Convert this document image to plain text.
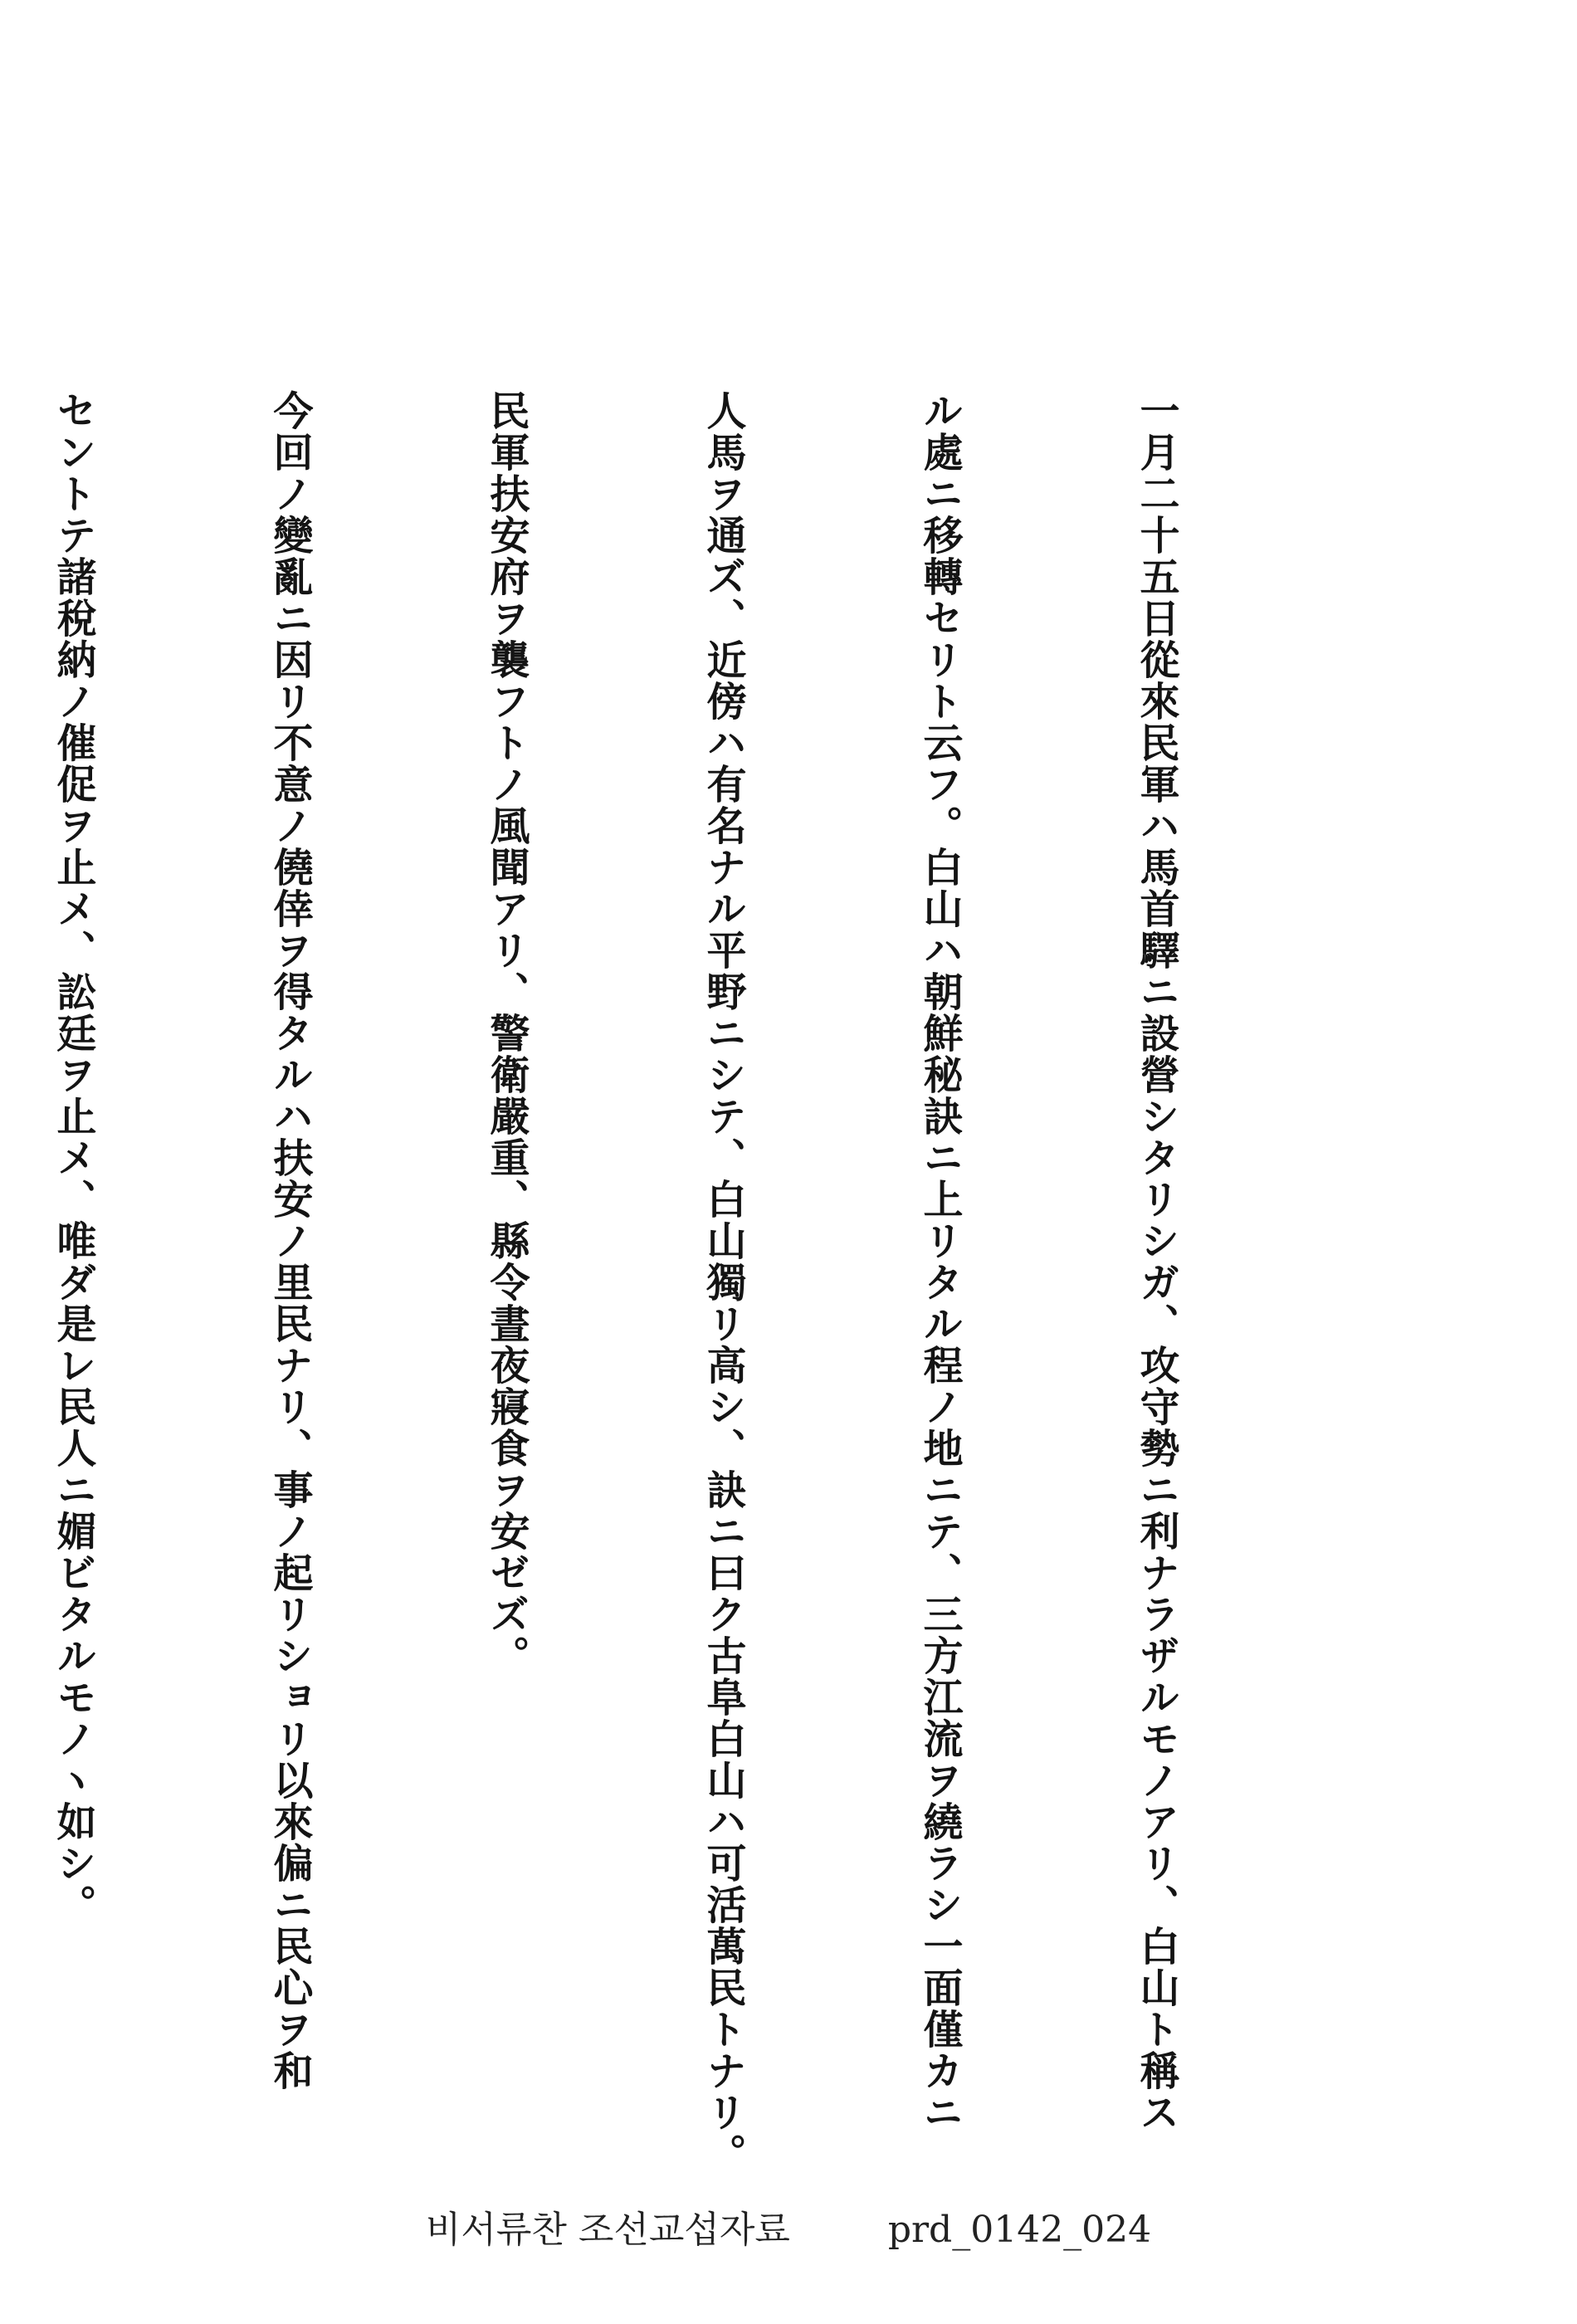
一月二十五日從來民軍ハ馬首驛ニ設營シタリシガ、攻守勢ニ利ナラザルモノアリ、白山ト稱ス

ル處ニ移轉セリト云フ。白山ハ朝鮮秘訣ニ上リタル程ノ地ニテ、三方江流ヲ繞ラシ一面僅カニ

人馬ヲ通ズ、近傍ハ有名ナル平野ニシテ、白山獨リ高シ、訣ニ曰ク古阜白山ハ可活萬民トナリ。

民軍扶安府ヲ襲フトノ風聞アリ、警衛嚴重、縣令晝夜寢食ヲ安ゼズ。

今回ノ變亂ニ因リ不意ノ僥倖ヲ得タルハ扶安ノ里民ナリ、事ノ起リショリ以來偏ニ民心ヲ和

セントテ諸稅納ノ催促ヲ止メ、訟廷ヲ止メ、唯ダ是レ民人ニ媚ビタルモノヽ如シ。

비서류찬 조선교섭자료	prd_0142_024
